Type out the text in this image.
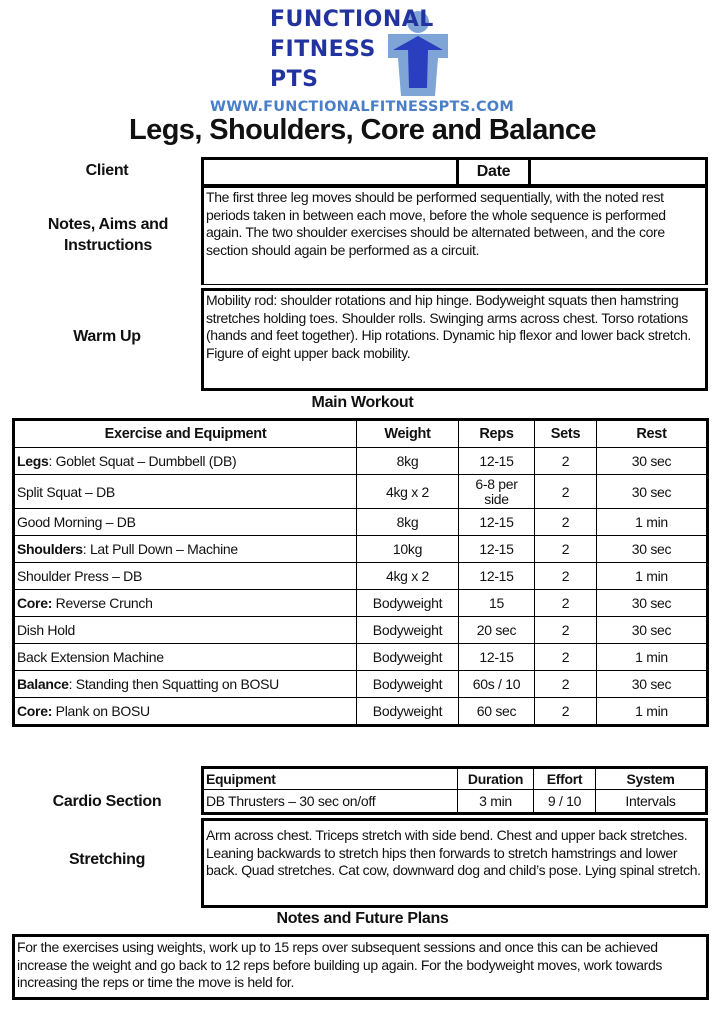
FUNCTIONAL
FITNESS
PTS
WWW.FUNCTIONALFITNESSPTS.COM
Legs, Shoulders, Core and Balance
Client	Date
Notes, Aims and Instructions
The first three leg moves should be performed sequentially, with the noted rest periods taken in between each move, before the whole sequence is performed again. The two shoulder exercises should be alternated between, and the core section should again be performed as a circuit.
Warm Up
Mobility rod: shoulder rotations and hip hinge. Bodyweight squats then hamstring stretches holding toes. Shoulder rolls. Swinging arms across chest. Torso rotations (hands and feet together). Hip rotations. Dynamic hip flexor and lower back stretch. Figure of eight upper back mobility.
Main Workout
Exercise and Equipment	Weight	Reps	Sets	Rest
Legs: Goblet Squat – Dumbbell (DB)	8kg	12-15	2	30 sec
Split Squat – DB	4kg x 2	6-8 per side	2	30 sec
Good Morning – DB	8kg	12-15	2	1 min
Shoulders: Lat Pull Down – Machine	10kg	12-15	2	30 sec
Shoulder Press – DB	4kg x 2	12-15	2	1 min
Core: Reverse Crunch	Bodyweight	15	2	30 sec
Dish Hold	Bodyweight	20 sec	2	30 sec
Back Extension Machine	Bodyweight	12-15	2	1 min
Balance: Standing then Squatting on BOSU	Bodyweight	60s / 10	2	30 sec
Core: Plank on BOSU	Bodyweight	60 sec	2	1 min
Cardio Section
Equipment	Duration	Effort	System
DB Thrusters – 30 sec on/off	3 min	9 / 10	Intervals
Stretching
Arm across chest. Triceps stretch with side bend. Chest and upper back stretches. Leaning backwards to stretch hips then forwards to stretch hamstrings and lower back. Quad stretches. Cat cow, downward dog and child’s pose. Lying spinal stretch.
Notes and Future Plans
For the exercises using weights, work up to 15 reps over subsequent sessions and once this can be achieved increase the weight and go back to 12 reps before building up again. For the bodyweight moves, work towards increasing the reps or time the move is held for.
